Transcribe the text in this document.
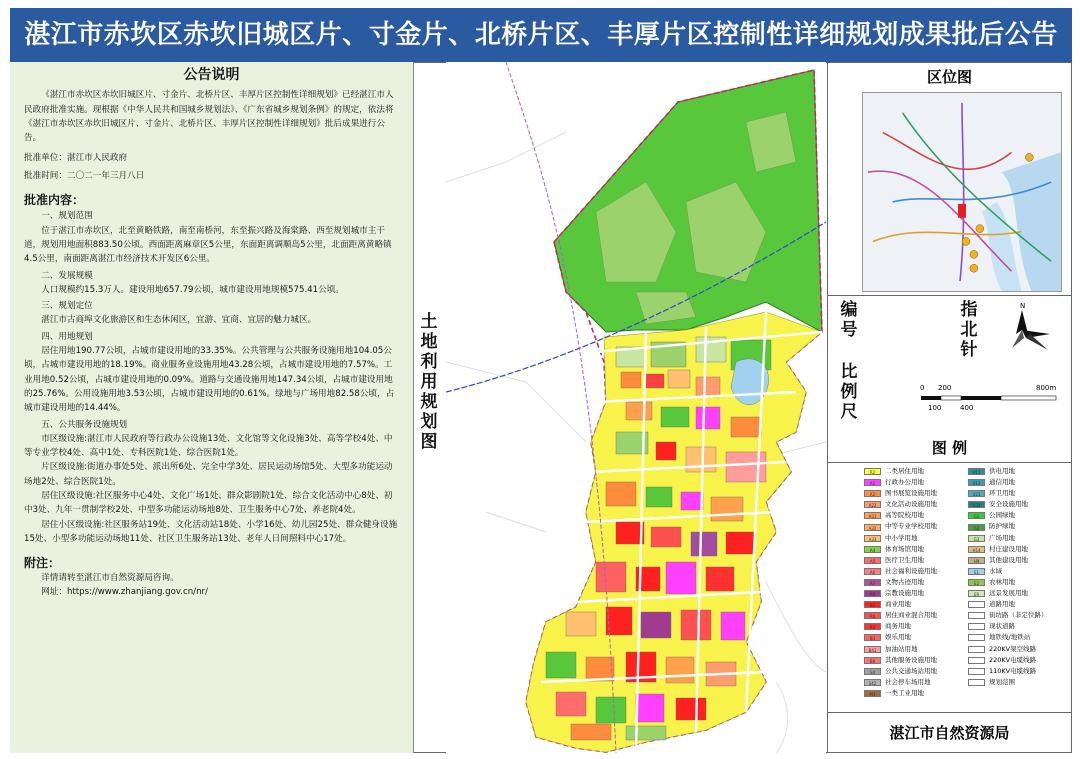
湛江市赤坎区赤坎旧城区片、寸金片、北桥片区、丰厚片区控制性详细规划成果批后公告
公告说明

《湛江市赤坎区赤坎旧城区片、寸金片、北桥片区、丰厚片区控制性详细规划》已经湛江市人民政府批准实施。现根据《中华人民共和国城乡规划法》、《广东省城乡规划条例》的规定，依法将《湛江市赤坎区赤坎旧城区片、寸金片、北桥片区、丰厚片区控制性详细规划》批后成果进行公告。

批准单位：湛江市人民政府

批准时间：二〇二一年三月八日

批准内容：

一、规划范围

位于湛江市赤坎区，北至黄略铁路，南至南桥河，东至振兴路及海棠路、西至规划城市主干道，规划用地面积883.50公顷。西面距离麻章区5公里，东面距离调顺岛5公里，北面距离黄略镇4.5公里，南面距离湛江市经济技术开发区6公里。

二、发展规模

人口规模约15.3万人。建设用地657.79公顷，城市建设用地规模575.41公顷。

三、规划定位

湛江市古商埠文化旅游区和生态休闲区，宜游、宜商、宜居的魅力城区。

四、用地规划

居住用地190.77公顷，占城市建设用地的33.35%。公共管理与公共服务设施用地104.05公顷，占城市建设用地的18.19%。商业服务业设施用地43.28公顷，占城市建设用地的7.57%。工业用地0.52公顷，占城市建设用地的0.09%。道路与交通设施用地147.34公顷，占城市建设用地的25.76%。公用设施用地3.53公顷，占城市建设用地的0.61%。绿地与广场用地82.58公顷，占城市建设用地的14.44%。

五、公共服务设施规划

市区级设施:湛江市人民政府等行政办公设施13处、文化馆等文化设施3处、高等学校4处、中等专业学校4处、高中1处、专科医院1处、综合医院1处。

片区级设施:街道办事处5处、派出所6处、完全中学3处、居民运动场馆5处、大型多功能运动场地2处、综合医院1处。

居住区级设施:社区服务中心4处、文化广场1处、群众影剧院1处、综合文化活动中心8处、初中3处、九年一贯制学校2处、中型多功能运动场地8处、卫生服务中心7处、养老院4处。

居住小区级设施:社区服务站19处、文化活动站18处、小学16处、幼儿园25处、群众健身设施15处、小型多功能运动场地11处、社区卫生服务站13处、老年人日间照料中心17处。

附注：

详情请转至湛江市自然资源局咨询。

网址：https://www.zhanjiang.gov.cn/nr/

土地利用规划图
区位图
编号
指北针
N
比例尺
0 200	800m
100	400
图 例
R2	二类居住用地
A1	行政办公用地
A2	图书展览设施用地
A22	文化活动设施用地
A31	高等院校用地
A32	中等专业学校用地
A33	中小学用地
A4	体育场馆用地
A5	医疗卫生用地
A6	社会福利设施用地
A7	文物古迹用地
A9	宗教设施用地
B1	商业用地
Rb	居住商业混合用地
B2	商务用地
B3	娱乐用地
B41	加油站用地
B9	其他服务设施用地
S4	公共交通场站用地
S42	社会停车场用地
M1	一类工业用地
U11	供电用地
U12	通信用地
U21	环卫用地
U31	安全设施用地
G1	公园绿地
G2	防护绿地
G3	广场用地
H14	村庄建设用地
H9	其他建设用地
E1	水域
E2	农林用地
E9	远景发展用地
道路用地
街坊路（非定位路）
现状道路
地铁线/地铁站
220KV架空线路
220KV电缆线路
110KV电缆线路
规划范围
湛江市自然资源局
